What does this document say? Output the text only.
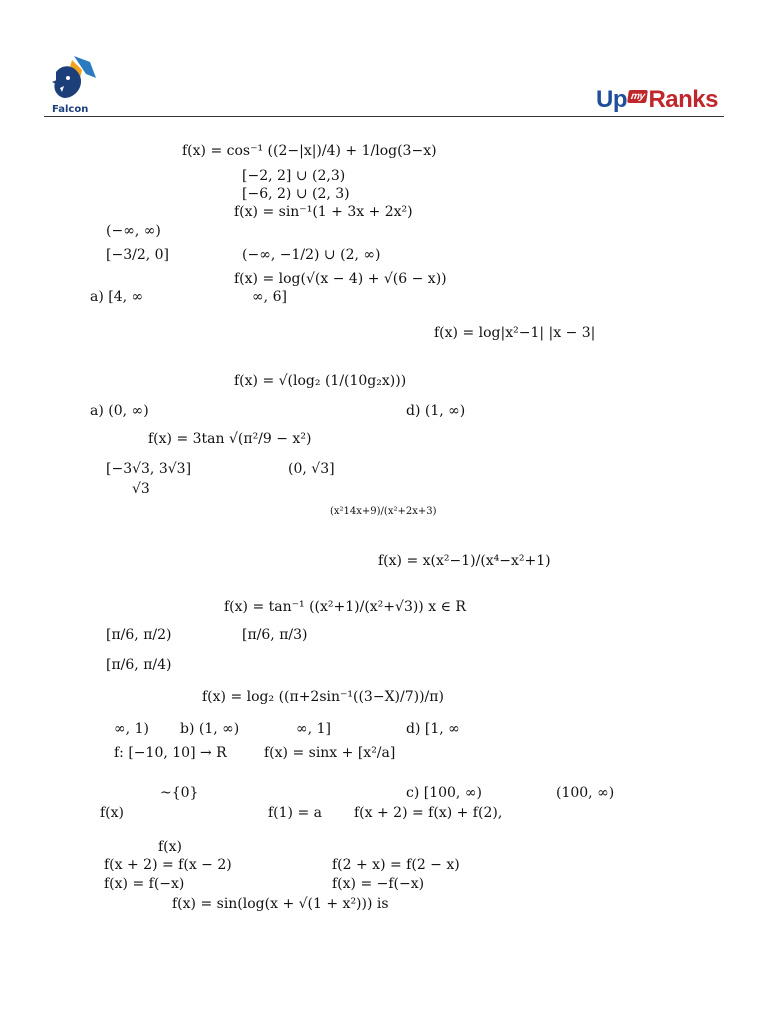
Falcon	Up my Ranks
f(x) = cos⁻¹ ((2−|x|)/4) + 1/log(3−x)
[−2, 2] ∪ (2,3)
[−6, 2) ∪ (2, 3)
f(x) = sin⁻¹(1 + 3x + 2x²)
(−∞, ∞)
[−3/2, 0]	(−∞, −1/2) ∪ (2, ∞)
f(x) = log(√(x − 4) + √(6 − x))
a) [4, ∞	∞, 6]
f(x) = log|x²−1| |x − 3|
f(x) = √(log₂ (1/(10g₂x)))
a) (0, ∞)	d) (1, ∞)
f(x) = 3tan √(π²/9 − x²)
[−3√3, 3√3]	(0, √3]
√3
(x²14x+9)/(x²+2x+3)
f(x) = x(x²−1)/(x⁴−x²+1)
f(x) = tan⁻¹ ((x²+1)/(x²+√3)) x ∈ R
[π/6, π/2)	[π/6, π/3)
[π/6, π/4)
f(x) = log₂ ((π+2sin⁻¹((3−X)/7))/π)
∞, 1) b) (1, ∞)	∞, 1]	d) [1, ∞
f: [−10, 10] → R	f(x) = sinx + [x²/a]
~{0}	c) [100, ∞)	(100, ∞)
f(x)	f(1) = a f(x + 2) = f(x) + f(2),
f(x)
f(x + 2) = f(x − 2)	f(2 + x) = f(2 − x)
f(x) = f(−x)	f(x) = −f(−x)
f(x) = sin(log(x + √(1 + x²))) is
